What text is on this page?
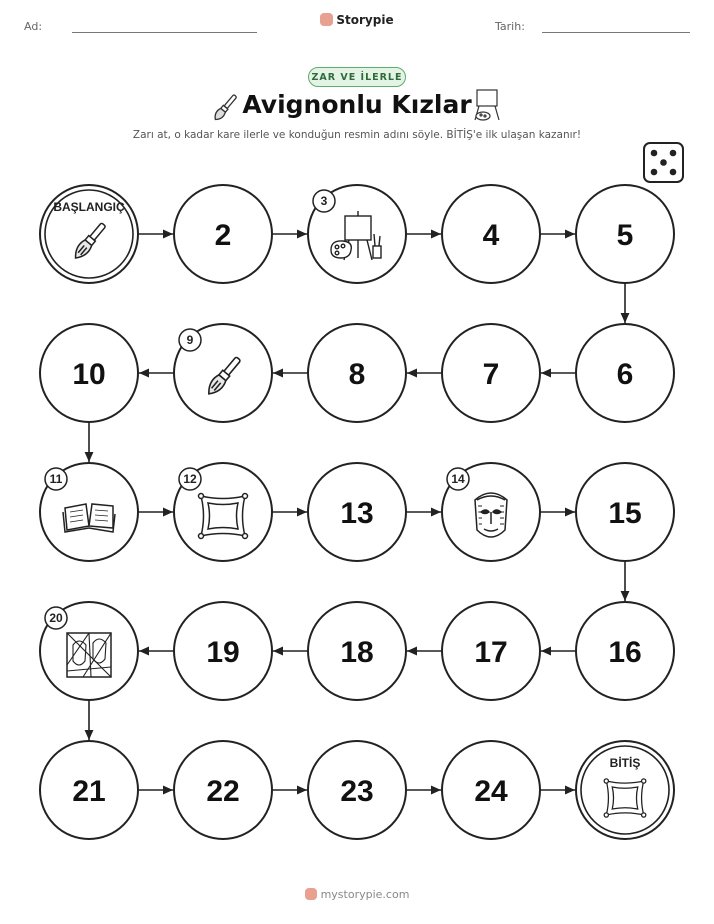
Ad:	Storypie	Tarih:
ZAR VE İLERLE
Avignonlu Kızlar
Zarı at, o kadar kare ilerle ve konduğun resmin adını söyle. BİTİŞ'e ilk ulaşan kazanır!
BAŞLANGIÇ
2
3
4	5
6
7
8
9
10
11	12
13
14
15
16
17
18
19
20
21	22	23	24
BİTİŞ
mystorypie.com
